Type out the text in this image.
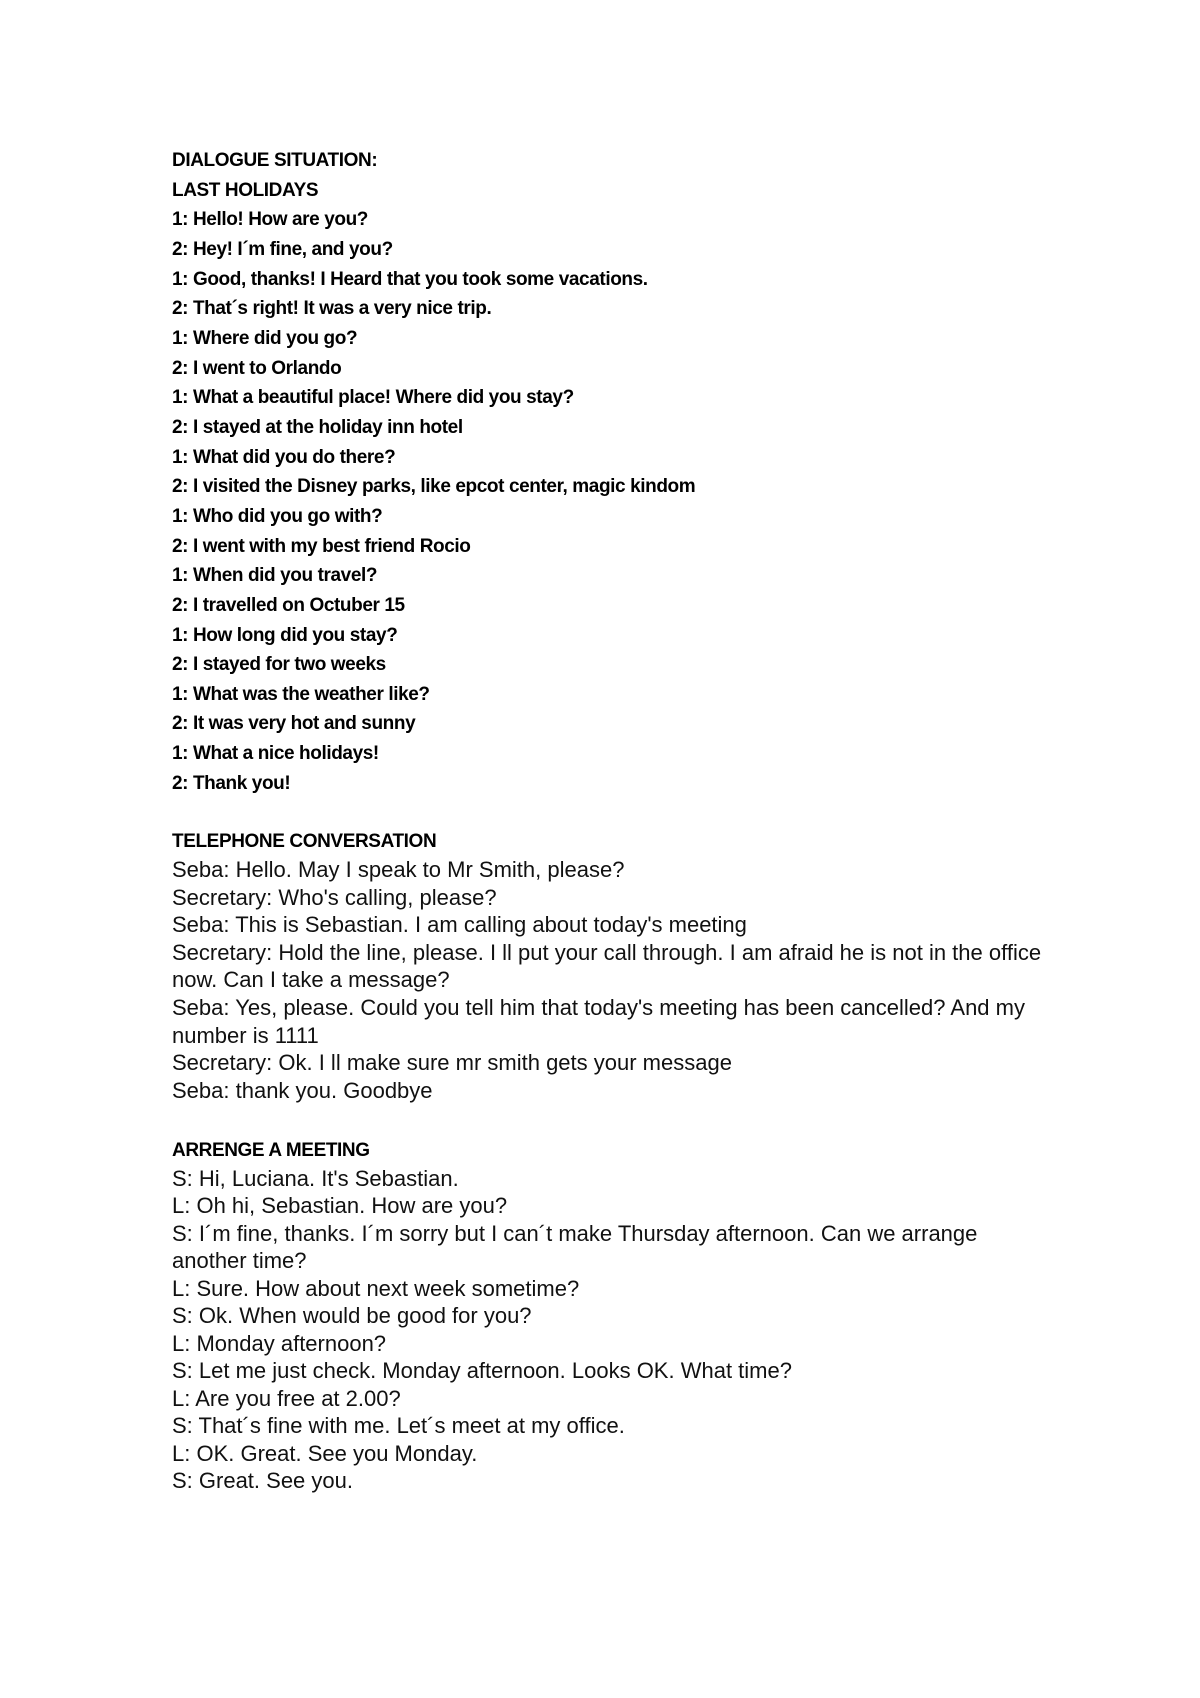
DIALOGUE SITUATION:
LAST HOLIDAYS
1: Hello! How are you?
2: Hey! I´m fine, and you?
1: Good, thanks! I Heard that you took some vacations.
2: That´s right! It was a very nice trip.
1: Where did you go?
2: I went to Orlando
1: What a beautiful place! Where did you stay?
2: I stayed at the holiday inn hotel
1: What did you do there?
2: I visited the Disney parks, like epcot center, magic kindom
1: Who did you go with?
2: I went with my best friend Rocio
1: When did you travel?
2: I travelled on Octuber 15
1: How long did you stay?
2: I stayed for two weeks
1: What was the weather like?
2: It was very hot and sunny
1: What a nice holidays!
2: Thank you!
TELEPHONE CONVERSATION
Seba: Hello. May I speak to Mr Smith, please?
Secretary: Who's calling, please?
Seba: This is Sebastian. I am calling about today's meeting
Secretary: Hold the line, please. I ll put your call through. I am afraid he is not in the office now. Can I take a message?
Seba: Yes, please. Could you tell him that today's meeting has been cancelled? And my number is 1111
Secretary: Ok. I ll make sure mr smith gets your message
Seba: thank you. Goodbye
ARRENGE A MEETING
S: Hi, Luciana. It's Sebastian.
L: Oh hi, Sebastian. How are you?
S: I´m fine, thanks. I´m sorry but I can´t make Thursday afternoon. Can we arrange another time?
L: Sure. How about next week sometime?
S: Ok. When would be good for you?
L: Monday afternoon?
S: Let me just check. Monday afternoon. Looks OK. What time?
L: Are you free at 2.00?
S: That´s fine with me. Let´s meet at my office.
L: OK. Great. See you Monday.
S: Great. See you.
